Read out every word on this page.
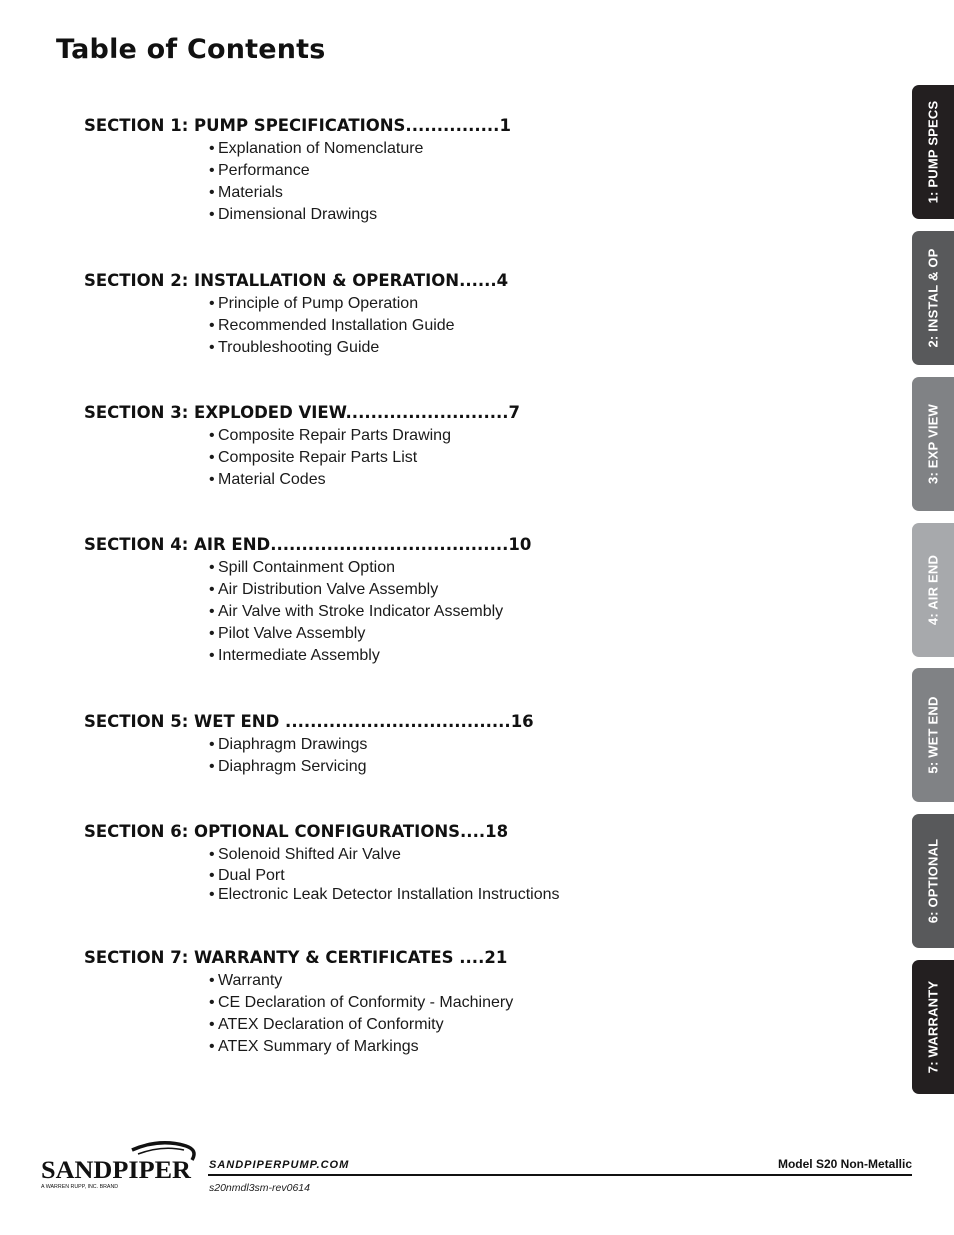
Table of Contents
SECTION 1: PUMP SPECIFICATIONS...............1
• Explanation of Nomenclature
• Performance
• Materials
• Dimensional Drawings
SECTION 2: INSTALLATION & OPERATION......4
• Principle of Pump Operation
• Recommended Installation Guide
• Troubleshooting Guide
SECTION 3: EXPLODED VIEW..........................7
• Composite Repair Parts Drawing
• Composite Repair Parts List
• Material Codes
SECTION 4: AIR END......................................10
• Spill Containment Option
• Air Distribution Valve Assembly
• Air Valve with Stroke Indicator Assembly
• Pilot Valve Assembly
• Intermediate Assembly
SECTION 5: WET END ....................................16
• Diaphragm Drawings
• Diaphragm Servicing
SECTION 6: OPTIONAL CONFIGURATIONS....18
• Solenoid Shifted Air Valve
• Dual Port
• Electronic Leak Detector Installation Instructions
SECTION 7: WARRANTY & CERTIFICATES ....21
• Warranty
• CE Declaration of Conformity - Machinery
• ATEX Declaration of Conformity
• ATEX Summary of Markings
1: PUMP SPECS
2: INSTAL & OP
3: EXP VIEW
4: AIR END
5: WET END
6: OPTIONAL
7: WARRANTY
SANDPIPER
A WARREN RUPP, INC. BRAND
SANDPIPERPUMP.COM	Model S20 Non-Metallic
s20nmdl3sm-rev0614
